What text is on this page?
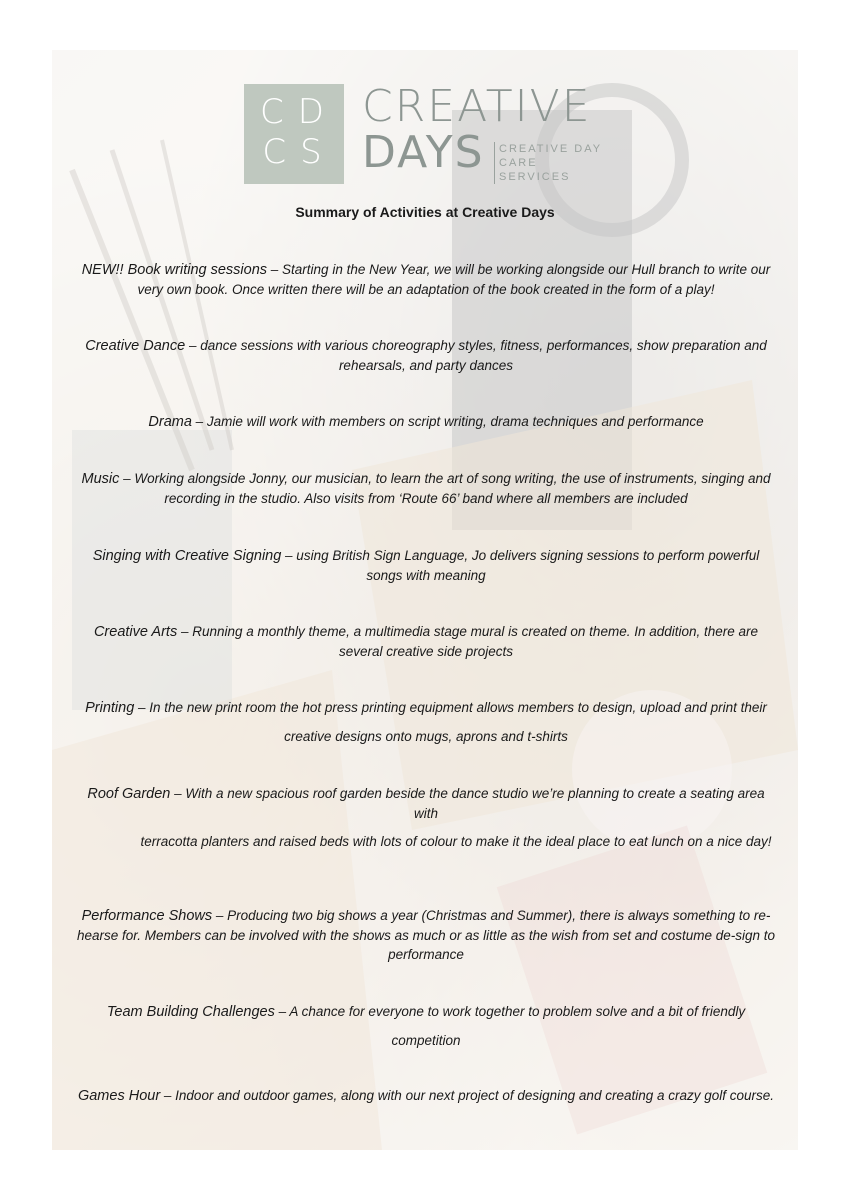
CD
CS
CREATIVE
DAYS CREATIVE DAY
CARE SERVICES
Summary of Activities at Creative Days
NEW!! Book writing sessions – Starting in the New Year, we will be working alongside our Hull branch to write our very own book. Once written there will be an adaptation of the book created in the form of a play!
Creative Dance – dance sessions with various choreography styles, fitness, performances, show preparation and rehearsals, and party dances
Drama – Jamie will work with members on script writing, drama techniques and performance
Music – Working alongside Jonny, our musician, to learn the art of song writing, the use of instruments, singing and recording in the studio. Also visits from ‘Route 66’ band where all members are included
Singing with Creative Signing – using British Sign Language, Jo delivers signing sessions to perform powerful songs with meaning
Creative Arts – Running a monthly theme, a multimedia stage mural is created on theme. In addition, there are several creative side projects
Printing – In the new print room the hot press printing equipment allows members to design, upload and print their
creative designs onto mugs, aprons and t-shirts
Roof Garden – With a new spacious roof garden beside the dance studio we’re planning to create a seating area with
terracotta planters and raised beds with lots of colour to make it the ideal place to eat lunch on a nice day!
Performance Shows – Producing two big shows a year (Christmas and Summer), there is always something to re-hearse for. Members can be involved with the shows as much or as little as the wish from set and costume de-sign to performance
Team Building Challenges – A chance for everyone to work together to problem solve and a bit of friendly
competition
Games Hour – Indoor and outdoor games, along with our next project of designing and creating a crazy golf course.
